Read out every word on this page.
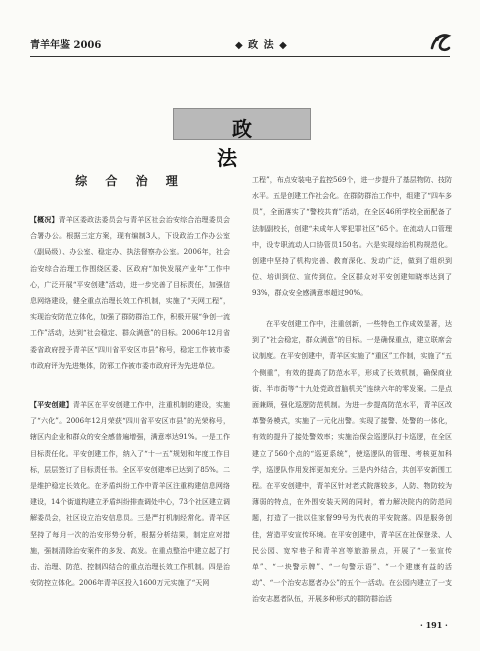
青羊年鉴 2006	◆ 政 法 ◆
政 法
综 合 治 理

【概况】青羊区委政法委员会与青羊区社会治安综合治理委员会合署办公。根据三定方案，现有编制3人，下设政治工作办公室（副局级）、办公室、稳定办、执法督察办公室。2006年，社会治安综合治理工作围绕区委、区政府“加快发展产业年”工作中心，广泛开展“平安创建”活动，进一步完善了目标责任，加强信息网络建设，健全重点治理长效工作机制，实施了“天网工程”，实现治安防范立体化，加强了群防群治工作，积极开展“争创一流工作”活动，达到“社会稳定、群众满意”的目标。2006年12月省委省政府授予青羊区“四川省平安区市县”称号，稳定工作被市委市政府评为先进集体，防邪工作被市委市政府评为先进单位。

【平安创建】青羊区在平安创建工作中，注重机制的建设，实施了“六化”。2006年12月荣获“四川省平安区市县”的光荣称号，辖区内企业和群众的安全感普遍增强，满意率达91%。一是工作目标责任化。平安创建工作，纳入了“十一五”规划和年度工作目标，层层签订了目标责任书。全区平安创建率已达到了85%。二是维护稳定长效化。在矛盾纠纷工作中青羊区注重构建信息网络建设，14个街道构建立矛盾纠纷排查调处中心，73个社区建立调解委员会，社区设立治安信息员。三是严打机制经常化。青羊区坚持了每月一次的治安形势分析，根据分析结果，制定应对措施，强制清除治安案件的多发、高发。在重点整治中建立起了打击、治理、防范、控制四结合的重点治理长效工作机制。四是治安防控立体化。2006年青羊区投入1600万元实施了“天网

工程”，布点安装电子监控569个，进一步提升了基层物防、技防水平。五是创建工作社会化。在群防群治工作中，组建了“四车多员”，全面落实了“警校共育”活动，在全区46所学校全面配备了法制副校长，创建“未成年人零犯罪社区”65个。在流动人口管理中，设专职流动人口协管员150名。六是实现综治机构规范化。创建中坚持了机构完善、教育深化、发动广泛，做到了组织到位、培训到位、宣传到位。全区群众对平安创建知晓率达到了93%，群众安全感满意率超过90%。

在平安创建工作中，注重创新，一些特色工作成效显著，达到了“社会稳定，群众满意”的目标。一是确保重点，建立联席会议制度。在平安创建中，青羊区实施了“重区”工作制，实施了“五个侧重”，有效的提高了防范水平，形成了长效机制，确保商业街、半市街等“十九处党政首脑机关”连续六年的零发案。二是点面兼顾，强化巡逻防范机制。为进一步提高防范水平，青羊区改革警务模式，实施了一元化出警。实现了接警、处警的一体化，有效的提升了接处警效率；实施治保会巡逻队打卡巡逻，在全区建立了560个点的“巡更系统”，使巡逻队的管理、考核更加科学，巡逻队作用发挥更加充分。三是内外结合，共创平安新围工程。在平安创建中，青羊区针对老式院落较多，人防、物防较为薄弱的特点，在外围安装天网的同时，着力解决院内的防范问题，打造了一批以住家督99号为代表的平安院落。四是服务创佳，营造平安宣传环境。在平安创建中，青羊区在社保登录、人民公园、宽窄巷子和青羊宫等旅游景点，开展了“一张宣传单”、“一块警示牌”、“一句警示语”、“一个建康有益的活动”、“一个治安志愿者办公”的五个一活动。在公园内建立了一支治安志愿者队伍，开展多种形式的群防群治活

· 191 ·
